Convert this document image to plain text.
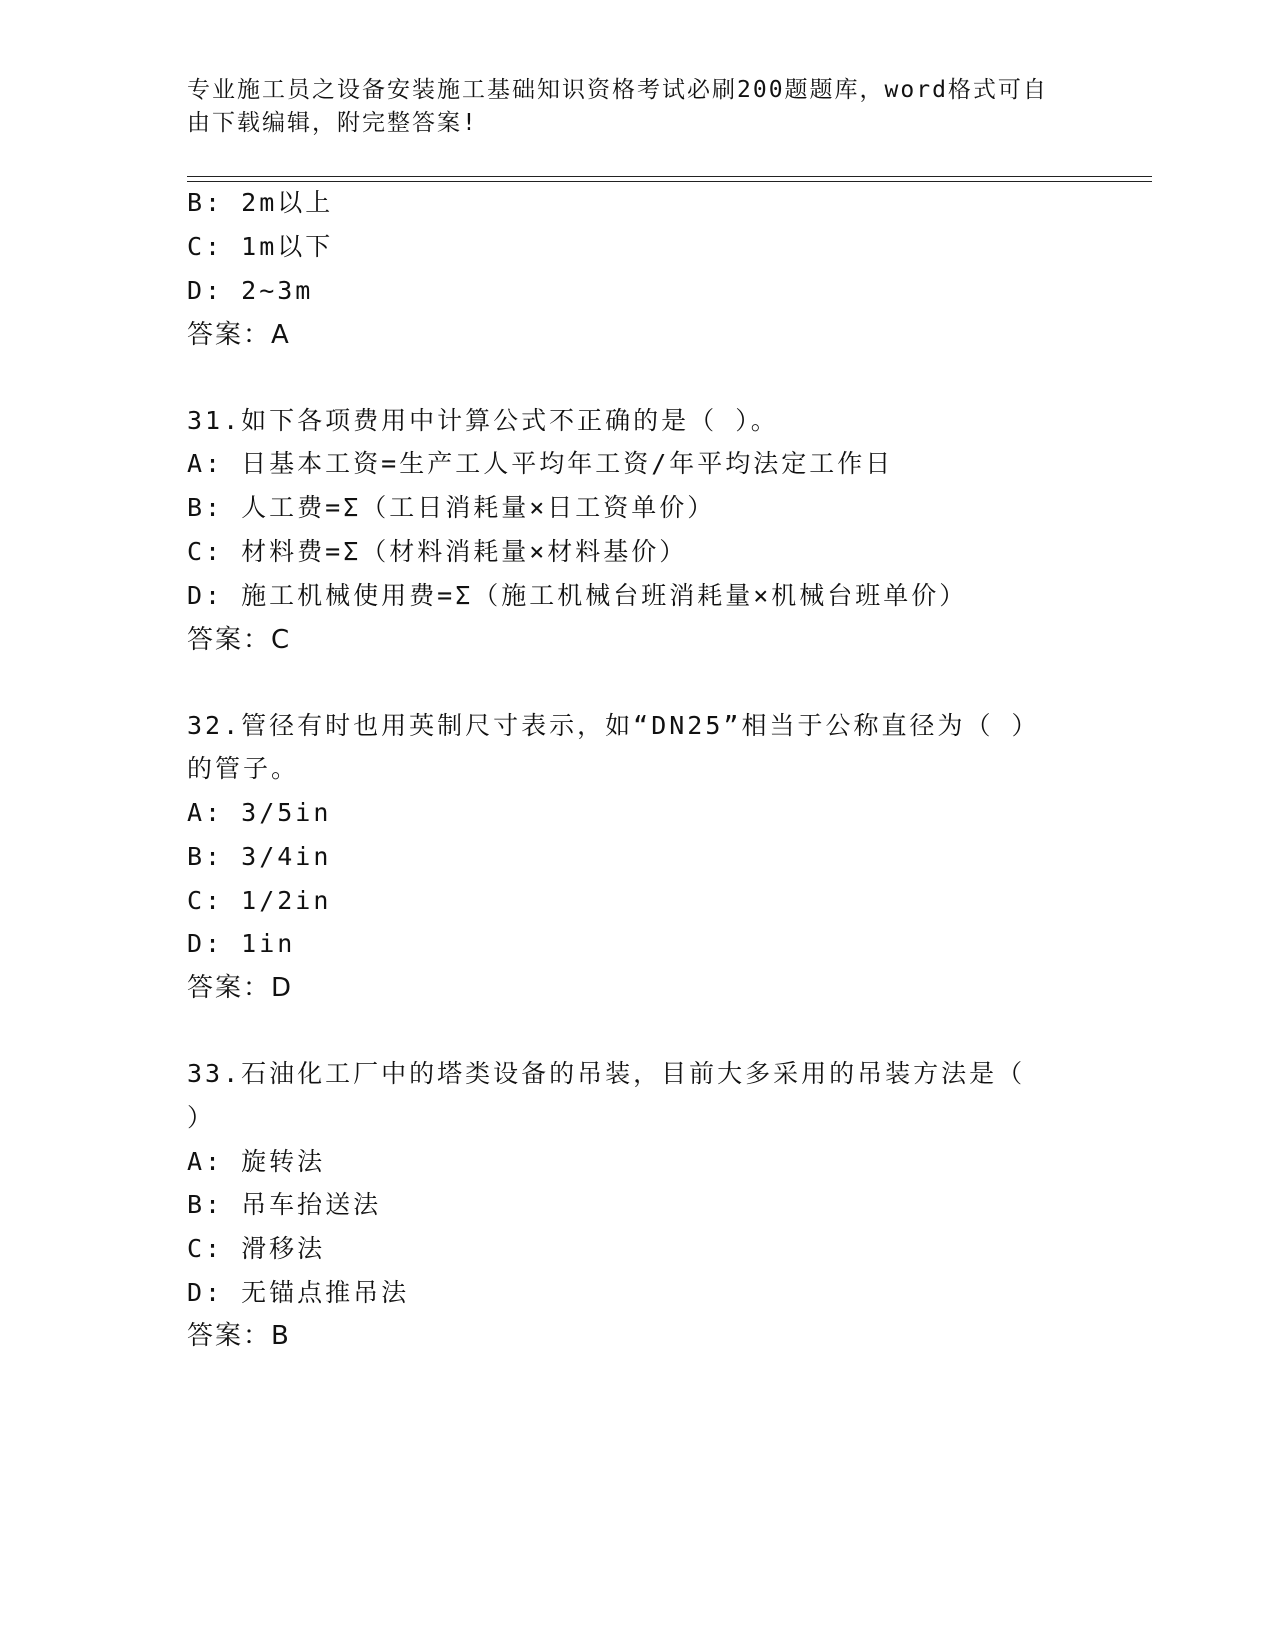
专业施工员之设备安装施工基础知识资格考试必刷200题题库，word格式可自由下载编辑，附完整答案!
B: 2m以上
C: 1m以下
D: 2~3m
答案：A
31.如下各项费用中计算公式不正确的是（ ）。
A: 日基本工资=生产工人平均年工资/年平均法定工作日
B: 人工费=Σ（工日消耗量×日工资单价）
C: 材料费=Σ（材料消耗量×材料基价）
D: 施工机械使用费=Σ（施工机械台班消耗量×机械台班单价）
答案：C
32.管径有时也用英制尺寸表示，如“DN25”相当于公称直径为（ ）
的管子。
A: 3/5in
B: 3/4in
C: 1/2in
D: 1in
答案：D
33.石油化工厂中的塔类设备的吊装，目前大多采用的吊装方法是（
）
A: 旋转法
B: 吊车抬送法
C: 滑移法
D: 无锚点推吊法
答案：B
